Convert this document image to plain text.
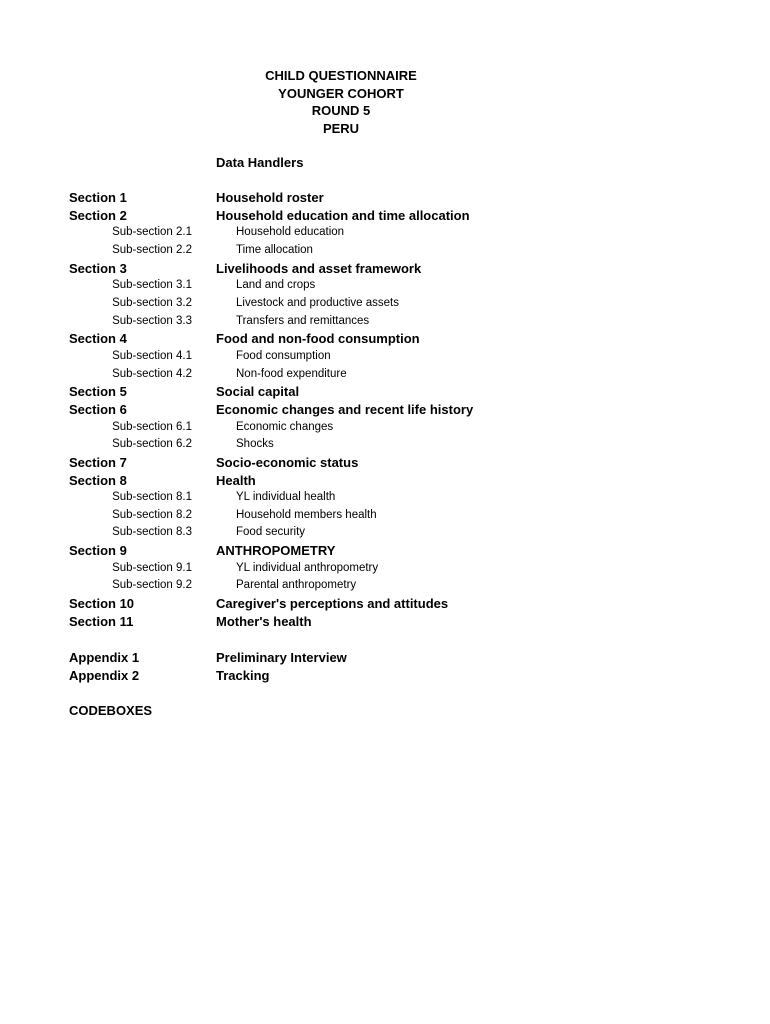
CHILD QUESTIONNAIRE
YOUNGER COHORT
ROUND 5
PERU
Data Handlers
Section 1	Household roster
Section 2	Household education and time allocation
Sub-section 2.1	Household education
Sub-section 2.2	Time allocation
Section 3	Livelihoods and asset framework
Sub-section 3.1	Land and crops
Sub-section 3.2	Livestock and productive assets
Sub-section 3.3	Transfers and remittances
Section 4	Food and non-food consumption
Sub-section 4.1	Food consumption
Sub-section 4.2	Non-food expenditure
Section 5	Social capital
Section 6	Economic changes and recent life history
Sub-section 6.1	Economic changes
Sub-section 6.2	Shocks
Section 7	Socio-economic status
Section 8	Health
Sub-section 8.1	YL individual health
Sub-section 8.2	Household members health
Sub-section 8.3	Food security
Section 9	ANTHROPOMETRY
Sub-section 9.1	YL individual anthropometry
Sub-section 9.2	Parental anthropometry
Section 10	Caregiver's perceptions and attitudes
Section 11	Mother's health
Appendix 1	Preliminary Interview
Appendix 2	Tracking
CODEBOXES
